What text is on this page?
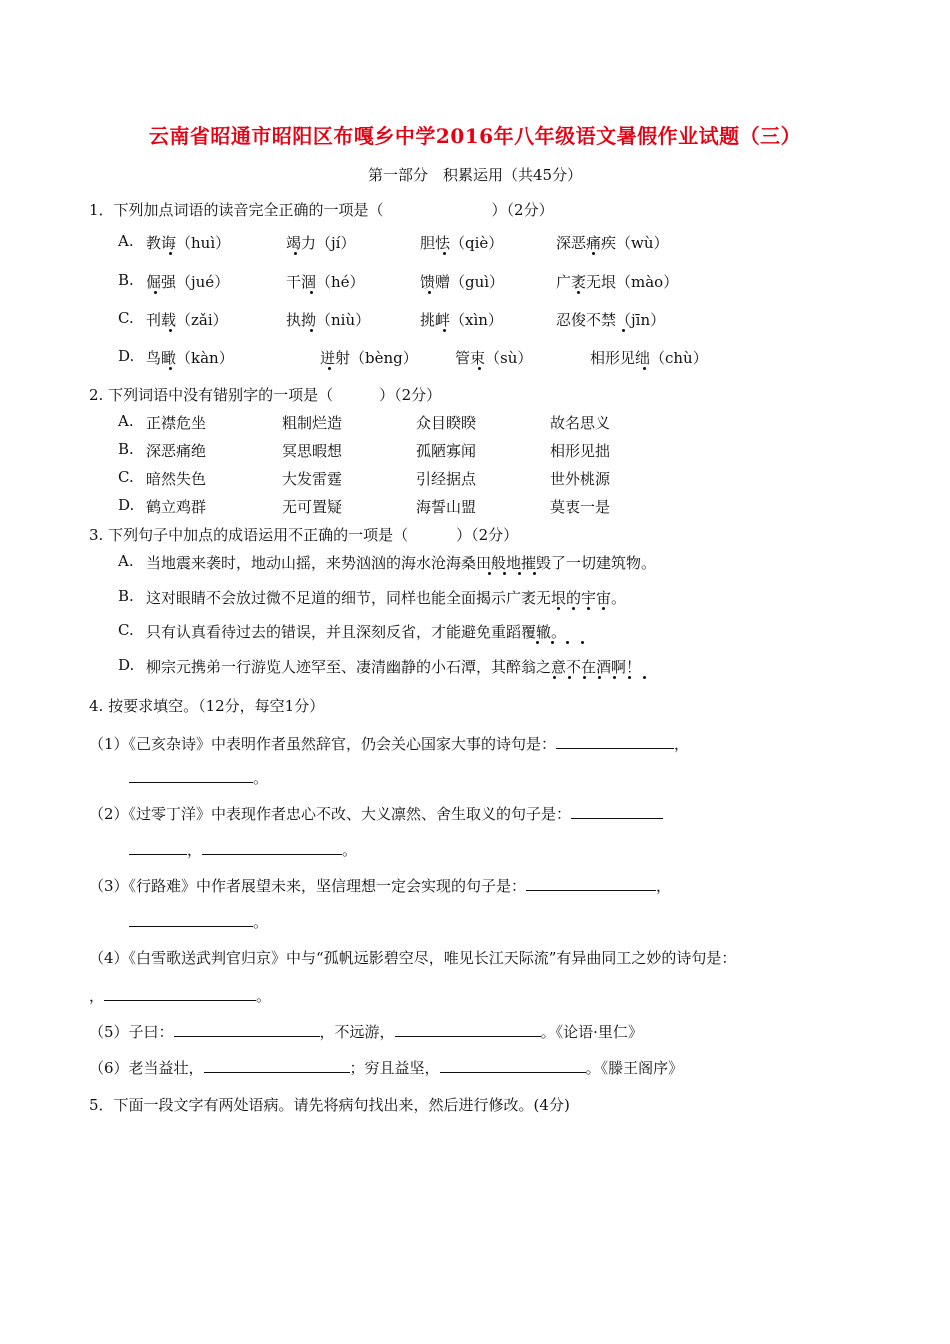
云南省昭通市昭阳区布嘎乡中学2016年八年级语文暑假作业试题（三）
第一部分　积累运用（共45分）
1．下列加点词语的读音完全正确的一项是（	）（2分）
A. 教诲（huì）	竭力（jí）	胆怯（qiè）	深恶痛疾（wù）
B. 倔强（jué）	干涸（hé）	馈赠（guì）	广袤无垠（mào）
C. 刊载（zǎi）	执拗（niù）	挑衅（xìn）	忍俊不禁（jīn）
D. 鸟瞰（kàn）	迸射（bèng） 管束（sù）	相形见绌（chù）
2. 下列词语中没有错别字的一项是（	）（2分）
A. 正襟危坐	粗制烂造	众目睽睽	故名思义
B. 深恶痛绝	冥思暇想	孤陋寡闻	相形见拙
C. 暗然失色	大发雷霆	引经据点	世外桃源
D. 鹤立鸡群	无可置疑	海誓山盟	莫衷一是
3. 下列句子中加点的成语运用不正确的一项是（	）（2分）
A. 当地震来袭时，地动山摇，来势汹汹的海水沧海桑田般地摧毁了一切建筑物。
B. 这对眼睛不会放过微不足道的细节，同样也能全面揭示广袤无垠的宇宙。
C. 只有认真看待过去的错误，并且深刻反省，才能避免重蹈覆辙。
D. 柳宗元携弟一行游览人迹罕至、凄清幽静的小石潭，其醉翁之意不在酒啊！
4. 按要求填空。（12分，每空1分）
（1）《己亥杂诗》中表明作者虽然辞官，仍会关心国家大事的诗句是：	，
。
（2）《过零丁洋》中表现作者忠心不改、大义凛然、舍生取义的句子是：
，	。
（3）《行路难》中作者展望未来，坚信理想一定会实现的句子是：	，
。
（4）《白雪歌送武判官归京》中与“孤帆远影碧空尽，唯见长江天际流”有异曲同工之妙的诗句是：
，	。
（5）子曰：	，不远游，	。《论语·里仁》
（6）老当益壮，	；穷且益坚，	。《滕王阁序》
5．下面一段文字有两处语病。请先将病句找出来，然后进行修改。(4分)
